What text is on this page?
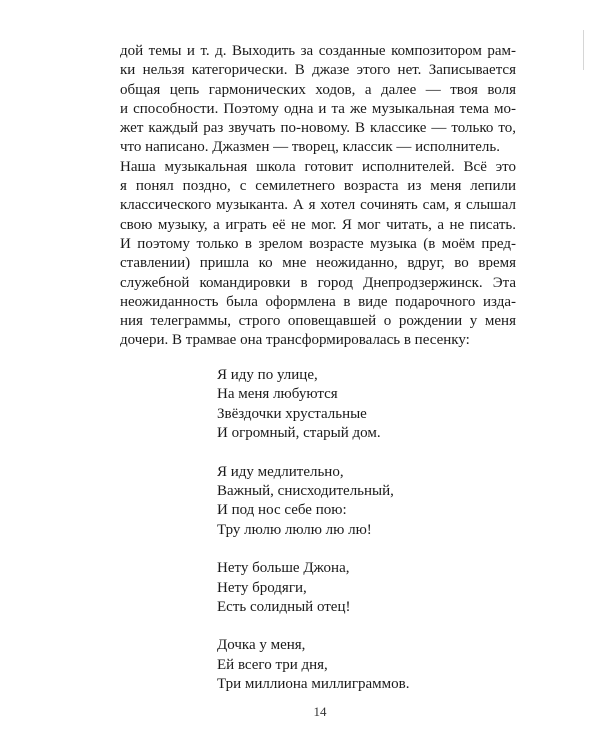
дой темы и т. д. Выходить за созданные композитором рам-
ки нельзя категорически. В джазе этого нет. Записывается
общая цепь гармонических ходов, а далее — твоя воля
и способности. Поэтому одна и та же музыкальная тема мо-
жет каждый раз звучать по-новому. В классике — только то,
что написано. Джазмен — творец, классик — исполнитель.
Наша музыкальная школа готовит исполнителей. Всё это
я понял поздно, с семилетнего возраста из меня лепили
классического музыканта. А я хотел сочинять сам, я слышал
свою музыку, а играть её не мог. Я мог читать, а не писать.
И поэтому только в зрелом возрасте музыка (в моём пред-
ставлении) пришла ко мне неожиданно, вдруг, во время
служебной командировки в город Днепродзержинск. Эта
неожиданность была оформлена в виде подарочного изда-
ния телеграммы, строго оповещавшей о рождении у меня
дочери. В трамвае она трансформировалась в песенку:
Я иду по улице,
На меня любуются
Звёздочки хрустальные
И огромный, старый дом.
Я иду медлительно,
Важный, снисходительный,
И под нос себе пою:
Тру люлю люлю лю лю!
Нету больше Джона,
Нету бродяги,
Есть солидный отец!
Дочка у меня,
Ей всего три дня,
Три миллиона миллиграммов.
14
